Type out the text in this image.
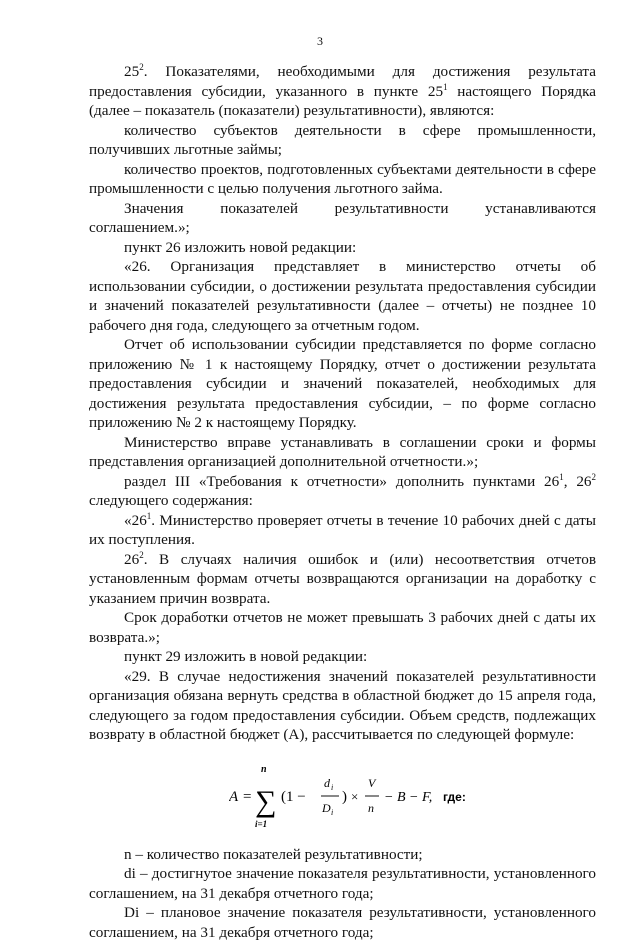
3

$25^2$. Показателями, необходимыми для достижения результата предоставления субсидии, указанного в пункте $25^1$ настоящего Порядка (далее – показатель (показатели) результативности), являются:

количество субъектов деятельности в сфере промышленности, получивших льготные займы;

количество проектов, подготовленных субъектами деятельности в сфере промышленности с целью получения льготного займа.

Значения показателей результативности устанавливаются соглашением.»;

пункт 26 изложить новой редакции:

«26. Организация представляет в министерство отчеты об использовании субсидии, о достижении результата предоставления субсидии и значений показателей результативности (далее – отчеты) не позднее 10 рабочего дня года, следующего за отчетным годом.

Отчет об использовании субсидии представляется по форме согласно приложению № 1 к настоящему Порядку, отчет о достижении результата предоставления субсидии и значений показателей, необходимых для достижения результата предоставления субсидии, – по форме согласно приложению № 2 к настоящему Порядку.

Министерство вправе устанавливать в соглашении сроки и формы представления организацией дополнительной отчетности.»;

раздел III «Требования к отчетности» дополнить пунктами $26^1$, $26^2$ следующего содержания:

«$26^1$. Министерство проверяет отчеты в течение 10 рабочих дней с даты их поступления.

$26^2$. В случаях наличия ошибок и (или) несоответствия отчетов установленным формам отчеты возвращаются организации на доработку с указанием причин возврата.

Срок доработки отчетов не может превышать 3 рабочих дней с даты их возврата.»;

пункт 29 изложить в новой редакции:

«29. В случае недостижения значений показателей результативности организация обязана вернуть средства в областной бюджет до 15 апреля года, следующего за годом предоставления субсидии. Объем средств, подлежащих возврату в областной бюджет (A), рассчитывается по следующей формуле:

A =
n
∑
i=1
(1 −
d i
D i
) ×
V
n
− B − F, где:

n – количество показателей результативности;

di – достигнутое значение показателя результативности, установленного соглашением, на 31 декабря отчетного года;

Di – плановое значение показателя результативности, установленного соглашением, на 31 декабря отчетного года;
